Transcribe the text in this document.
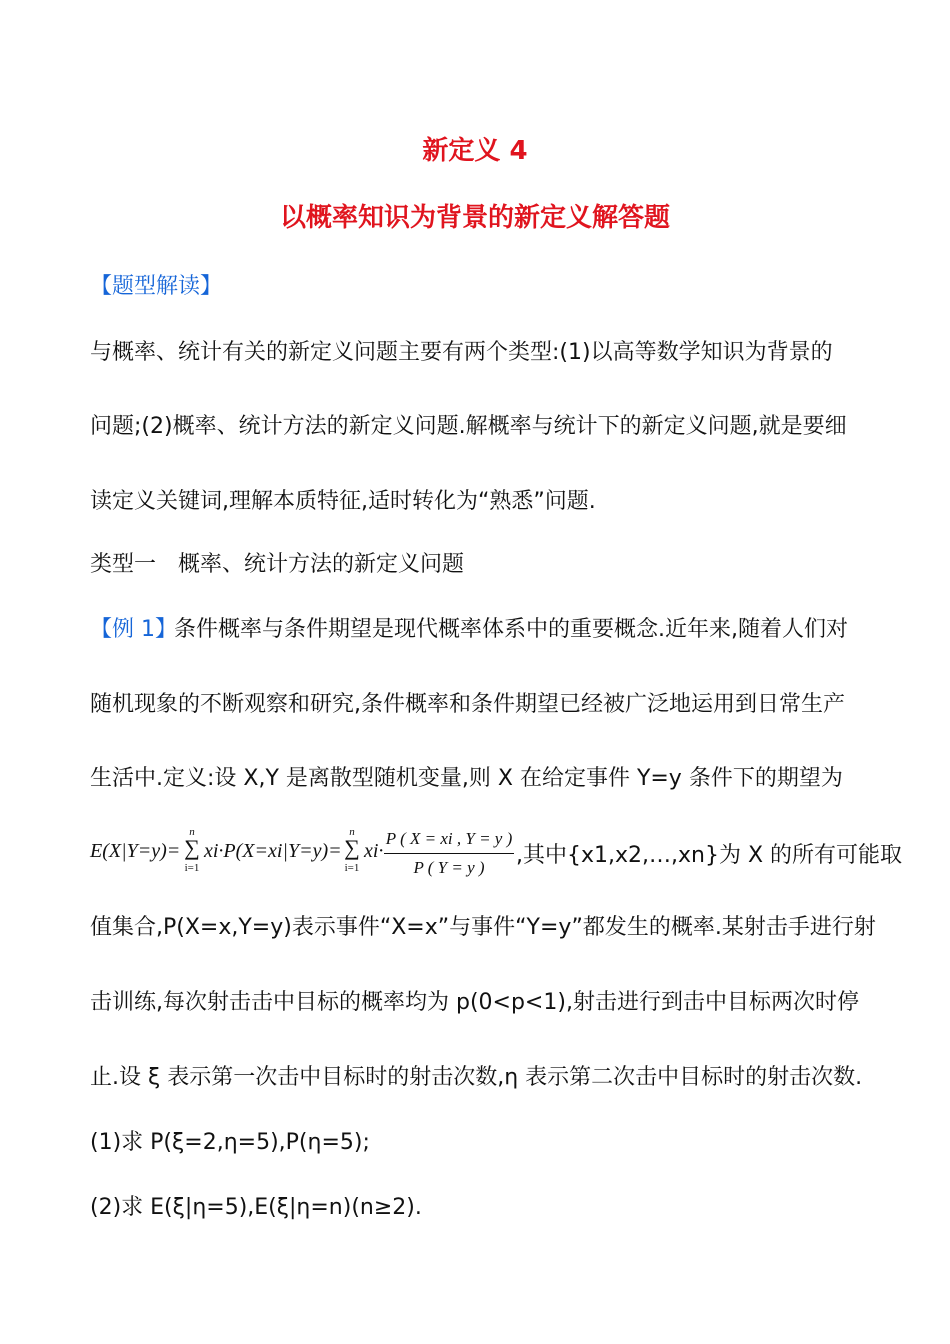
新定义 4
以概率知识为背景的新定义解答题
【题型解读】
与概率、统计有关的新定义问题主要有两个类型:(1)以高等数学知识为背景的
问题;(2)概率、统计方法的新定义问题.解概率与统计下的新定义问题,就是要细
读定义关键词,理解本质特征,适时转化为“熟悉”问题.
类型一　概率、统计方法的新定义问题
【例 1】
条件概率与条件期望是现代概率体系中的重要概念.近年来,随着人们对
随机现象的不断观察和研究,条件概率和条件期望已经被广泛地运用到日常生产
生活中.定义:设 X,Y 是离散型随机变量,则 X 在给定事件 Y=y 条件下的期望为
E(X|Y=y)=
n
∑
i=1
xi·P(X=xi|Y=y)=
n
∑
i=1
xi·
P ( X = xi , Y = y )
P ( Y = y )	,其中{x1,x2,…,xn}为 X 的所有可能取
值集合,P(X=x,Y=y)表示事件“X=x”与事件“Y=y”都发生的概率.某射击手进行射
击训练,每次射击击中目标的概率均为 p(0<p<1),射击进行到击中目标两次时停
止.设 ξ 表示第一次击中目标时的射击次数,η 表示第二次击中目标时的射击次数.
(1)求 P(ξ=2,η=5),P(η=5);
(2)求 E(ξ|η=5),E(ξ|η=n)(n≥2).
